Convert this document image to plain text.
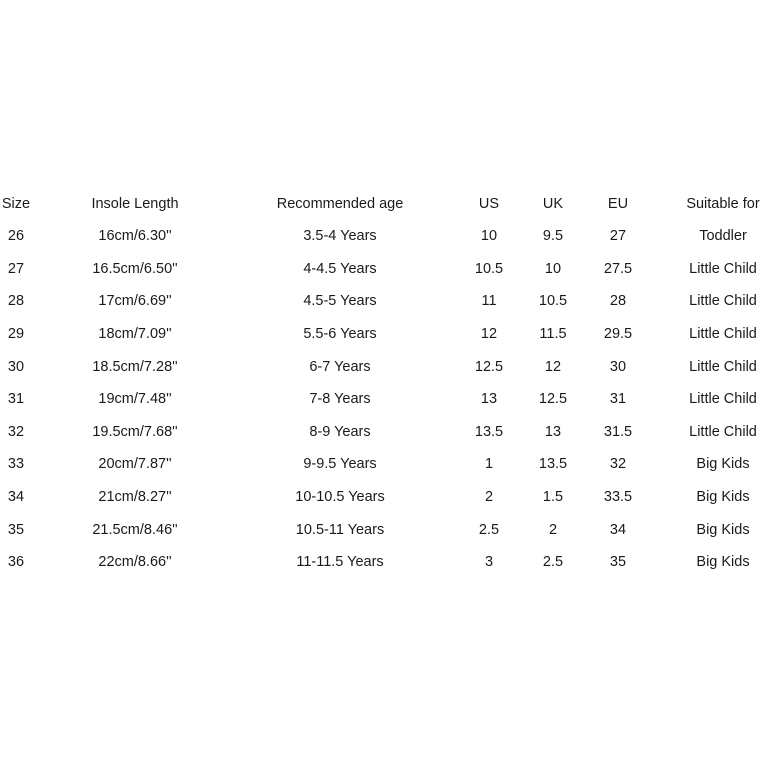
Size	Insole Length	Recommended age	US	UK	EU	Suitable for
26	16cm/6.30''	3.5-4 Years	10	9.5	27	Toddler
27	16.5cm/6.50''	4-4.5 Years	10.5	10	27.5	Little Child
28	17cm/6.69''	4.5-5 Years	11	10.5	28	Little Child
29	18cm/7.09''	5.5-6 Years	12	11.5	29.5	Little Child
30	18.5cm/7.28''	6-7 Years	12.5	12	30	Little Child
31	19cm/7.48''	7-8 Years	13	12.5	31	Little Child
32	19.5cm/7.68''	8-9 Years	13.5	13	31.5	Little Child
33	20cm/7.87''	9-9.5 Years	1	13.5	32	Big Kids
34	21cm/8.27''	10-10.5 Years	2	1.5	33.5	Big Kids
35	21.5cm/8.46''	10.5-11 Years	2.5	2	34	Big Kids
36	22cm/8.66''	11-11.5 Years	3	2.5	35	Big Kids
